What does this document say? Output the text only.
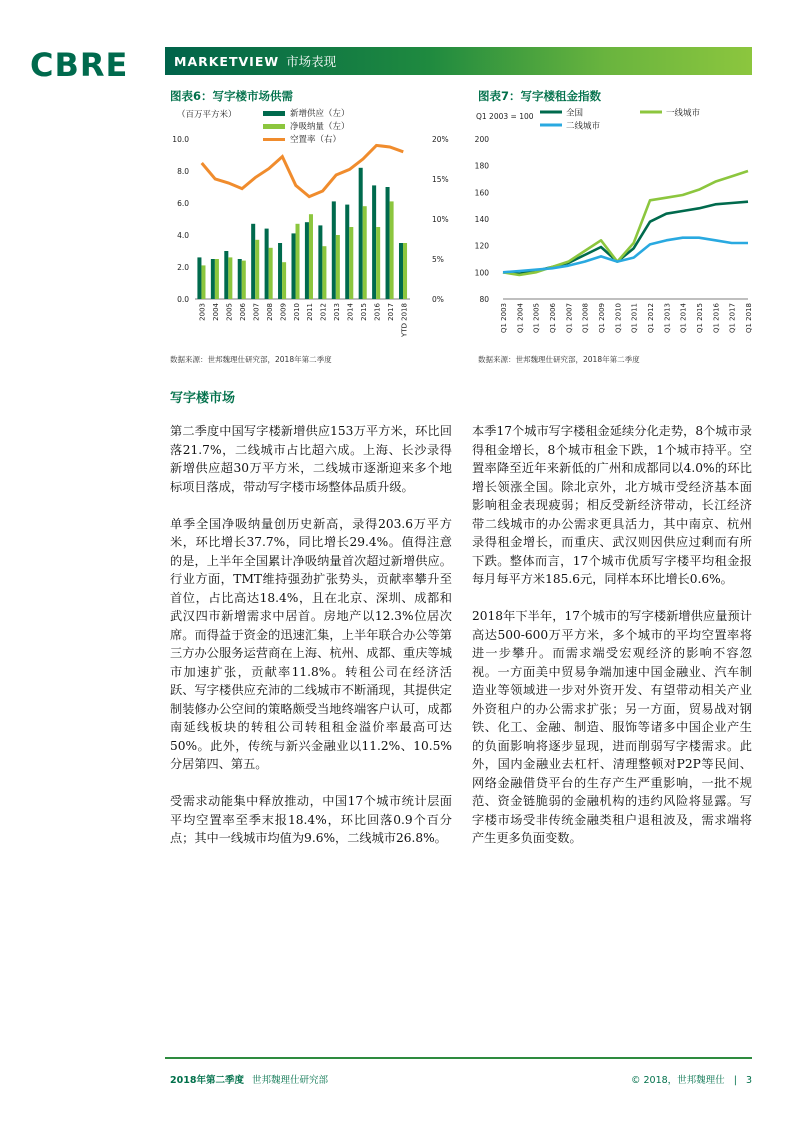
CBRE	MARKETVIEW 市场表现
图表6：写字楼市场供需
（百万平方米）
0.0
2.0
4.0
6.0
8.0
10.0
0%
5%
10%
15%
20%
2003 2004 2005 2006 2007 2008 2009 2010 2011 2012 2013 2014 2015 2016 2017 YTD 2018
新增供应（左）
净吸纳量（左）
空置率（右）
数据来源：世邦魏理仕研究部，2018年第二季度
图表7：写字楼租金指数
Q1 2003 = 100
80
100
120
140
160
180
200
Q1 2003 Q1 2004 Q1 2005 Q1 2006 Q1 2007 Q1 2008 Q1 2009 Q1 2010 Q1 2011 Q1 2012 Q1 2013 Q1 2014 Q1 2015 Q1 2016 Q1 2017 Q1 2018
全国	一线城市
二线城市
数据来源：世邦魏理仕研究部，2018年第二季度
写字楼市场

第二季度中国写字楼新增供应153万平方米，环比回落21.7%，二线城市占比超六成。上海、长沙录得新增供应超30万平方米，二线城市逐渐迎来多个地标项目落成，带动写字楼市场整体品质升级。

单季全国净吸纳量创历史新高，录得203.6万平方米，环比增长37.7%，同比增长29.4%。值得注意的是，上半年全国累计净吸纳量首次超过新增供应。行业方面，TMT维持强劲扩张势头，贡献率攀升至首位，占比高达18.4%，且在北京、深圳、成都和武汉四市新增需求中居首。房地产以12.3%位居次席。而得益于资金的迅速汇集，上半年联合办公等第三方办公服务运营商在上海、杭州、成都、重庆等城市加速扩张，贡献率11.8%。转租公司在经济活跃、写字楼供应充沛的二线城市不断涌现，其提供定制装修办公空间的策略颇受当地终端客户认可，成都南延线板块的转租公司转租租金溢价率最高可达50%。此外，传统与新兴金融业以11.2%、10.5%分居第四、第五。

受需求动能集中释放推动，中国17个城市统计层面平均空置率至季末报18.4%，环比回落0.9个百分点；其中一线城市均值为9.6%，二线城市26.8%。

本季17个城市写字楼租金延续分化走势，8个城市录得租金增长，8个城市租金下跌，1个城市持平。空置率降至近年来新低的广州和成都同以4.0%的环比增长领涨全国。除北京外，北方城市受经济基本面影响租金表现疲弱；相反受新经济带动，长江经济带二线城市的办公需求更具活力，其中南京、杭州录得租金增长，而重庆、武汉则因供应过剩而有所下跌。整体而言，17个城市优质写字楼平均租金报每月每平方米185.6元，同样本环比增长0.6%。

2018年下半年，17个城市的写字楼新增供应量预计高达500-600万平方米，多个城市的平均空置率将进一步攀升。而需求端受宏观经济的影响不容忽视。一方面美中贸易争端加速中国金融业、汽车制造业等领域进一步对外资开发、有望带动相关产业外资租户的办公需求扩张；另一方面，贸易战对钢铁、化工、金融、制造、服饰等诸多中国企业产生的负面影响将逐步显现，进而削弱写字楼需求。此外，国内金融业去杠杆、清理整顿对P2P等民间、网络金融借贷平台的生存产生严重影响，一批不规范、资金链脆弱的金融机构的违约风险将显露。写字楼市场受非传统金融类租户退租波及，需求端将产生更多负面变数。

2018年第二季度 世邦魏理仕研究部	© 2018，世邦魏理仕 | 3
